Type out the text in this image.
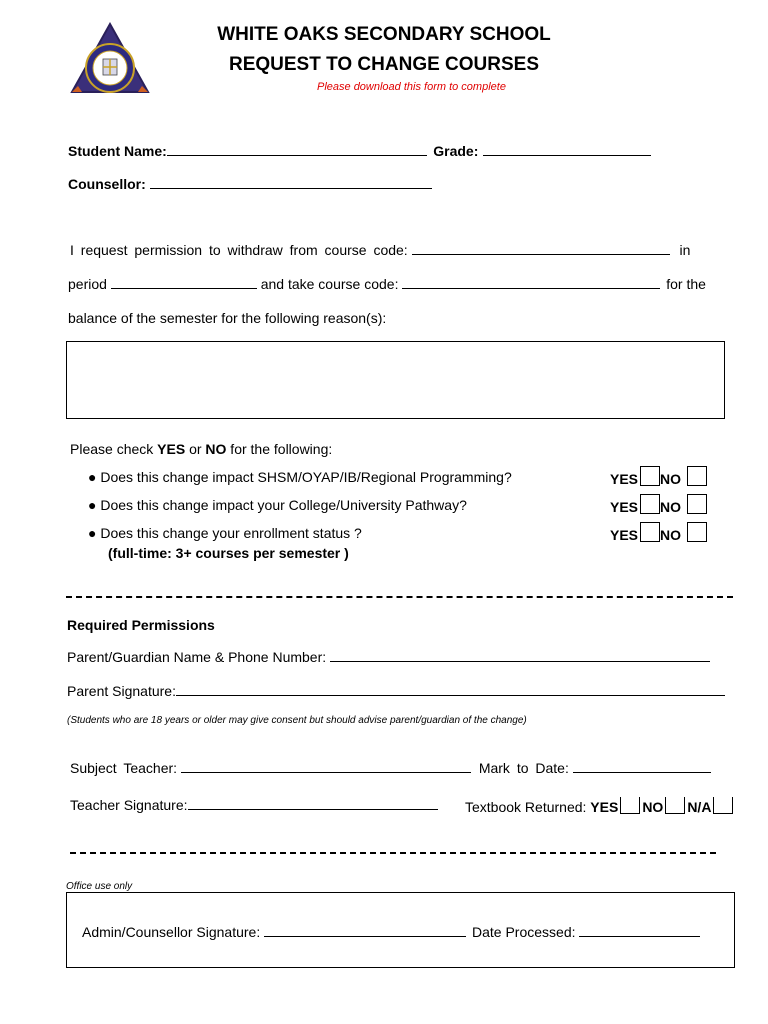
WHITE OAKS SECONDARY SCHOOL
REQUEST TO CHANGE COURSES
Please download this form to complete
Student Name:	Grade:
Counsellor:
I request permission to withdraw from course code:	in
period	and take course code:	for the
balance of the semester for the following reason(s):
Please check YES or NO for the following:
● Does this change impact SHSM/OYAP/IB/Regional Programming?	YES NO
● Does this change impact your College/University Pathway?	YES NO
● Does this change your enrollment status ?	YES NO
(full-time: 3+ courses per semester )
Required Permissions
Parent/Guardian Name & Phone Number:
Parent Signature:
(Students who are 18 years or older may give consent but should advise parent/guardian of the change)
Subject Teacher:	Mark to Date:
Teacher Signature:	Textbook Returned: YES NO N/A
Office use only
Admin/Counsellor Signature:	Date Processed:
